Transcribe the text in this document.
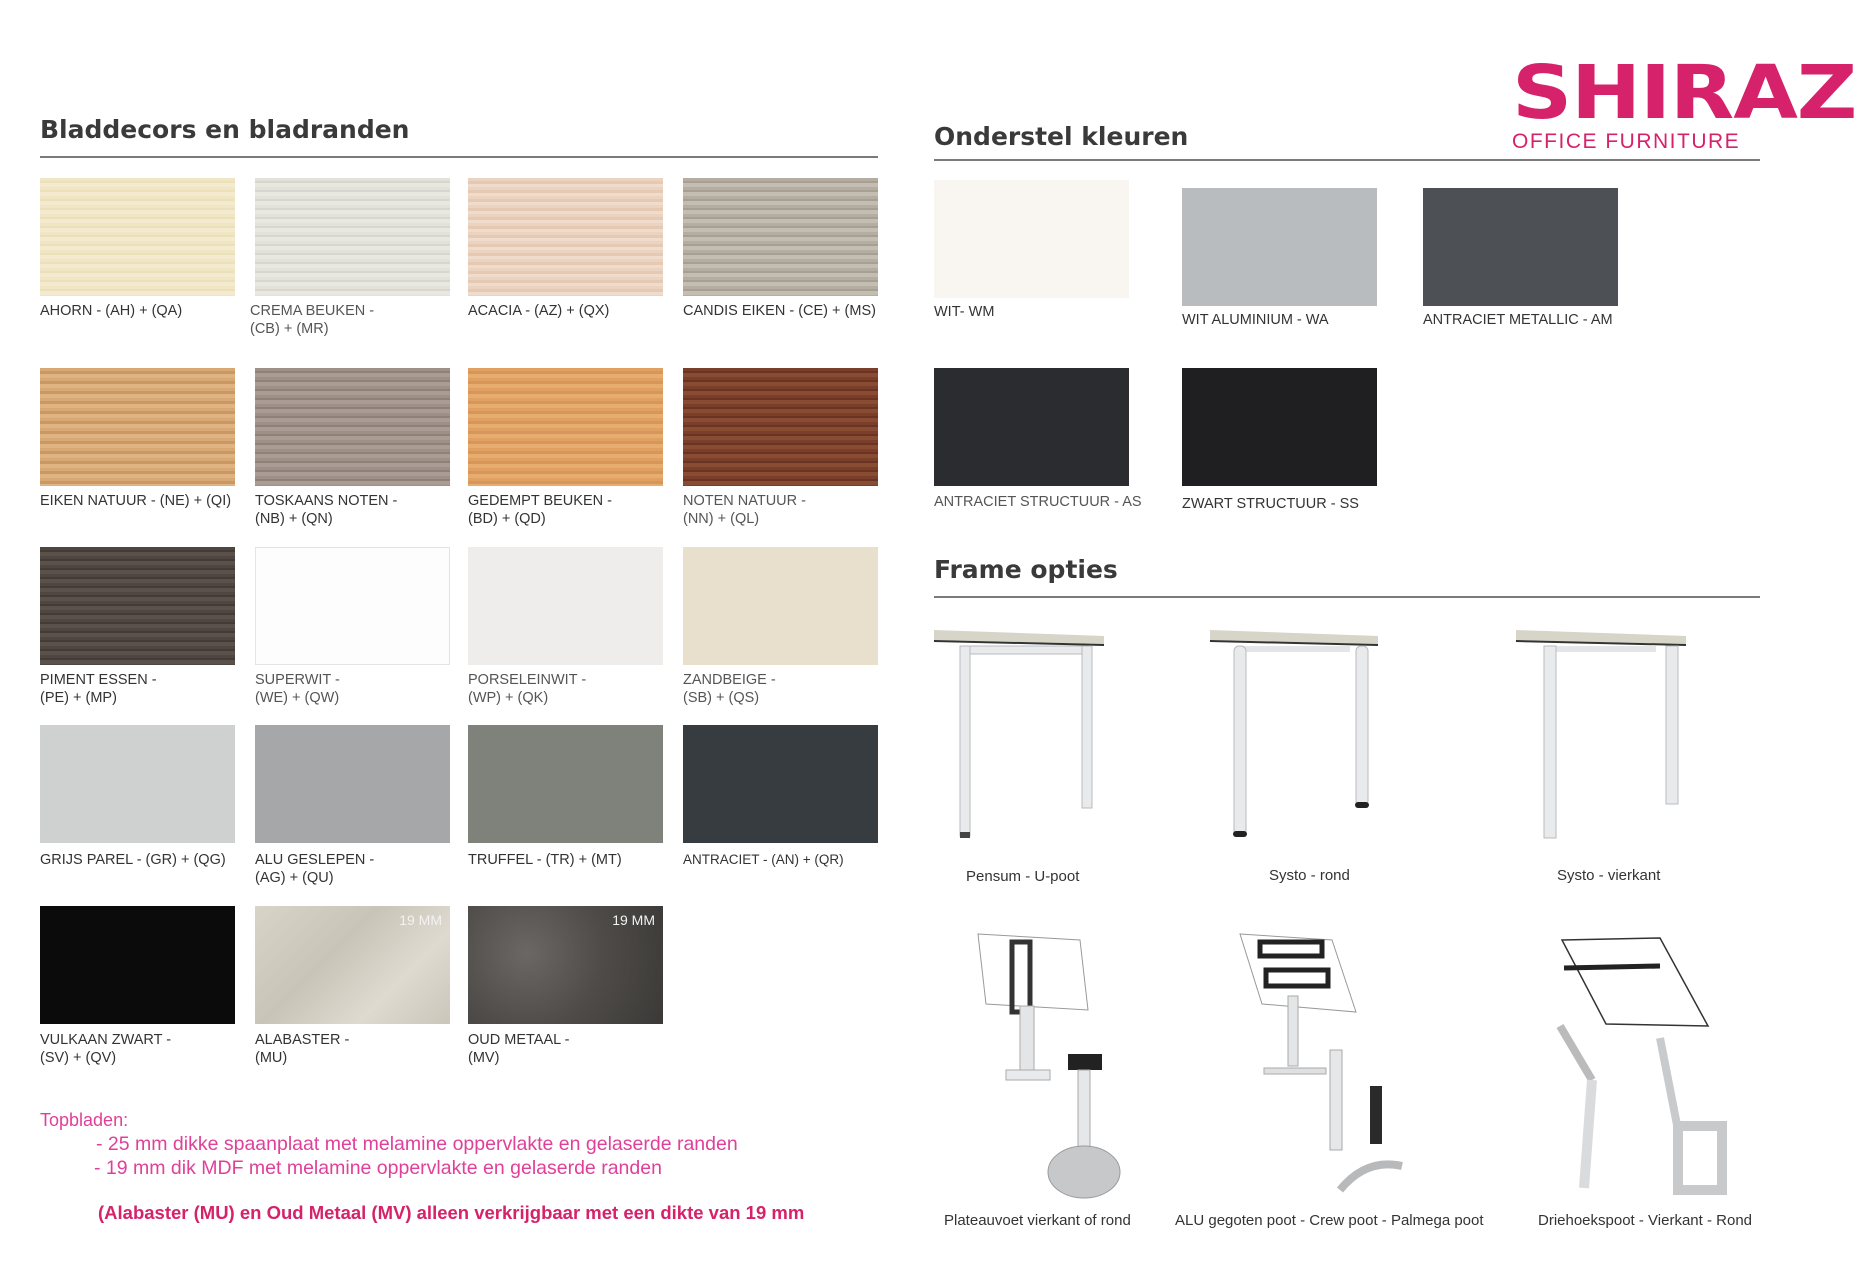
SHIRAZ
OFFICE FURNITURE
Bladdecors en bladranden
AHORN - (AH) + (QA)	CREMA BEUKEN -
(CB) + (MR)
ACACIA - (AZ) + (QX)	CANDIS EIKEN - (CE) + (MS)
EIKEN NATUUR - (NE) + (QI) TOSKAANS NOTEN -
(NB) + (QN)
GEDEMPT BEUKEN -
(BD) + (QD)
NOTEN NATUUR -
(NN) + (QL)
PIMENT ESSEN -
(PE) + (MP)
SUPERWIT -
(WE) + (QW)
PORSELEINWIT -
(WP) + (QK)
ZANDBEIGE -
(SB) + (QS)
GRIJS PAREL - (GR) + (QG) ALU GESLEPEN -
(AG) + (QU)
TRUFFEL - (TR) + (MT)	ANTRACIET - (AN) + (QR)
VULKAAN ZWART -
(SV) + (QV)
19 MM
ALABASTER -
(MU)
19 MM
OUD METAAL -
(MV)
Topbladen:
- 25 mm dikke spaanplaat met melamine oppervlakte en gelaserde randen
- 19 mm dik MDF met melamine oppervlakte en gelaserde randen
(Alabaster (MU) en Oud Metaal (MV) alleen verkrijgbaar met een dikte van 19 mm
Onderstel kleuren
WIT- WM	WIT ALUMINIUM - WA	ANTRACIET METALLIC - AM
ANTRACIET STRUCTUUR - AS	ZWART STRUCTUUR - SS
Frame opties
Pensum - U-poot	Systo - rond	Systo - vierkant
Plateauvoet vierkant of rond	ALU gegoten poot - Crew poot - Palmega poot	Driehoekspoot - Vierkant - Rond
